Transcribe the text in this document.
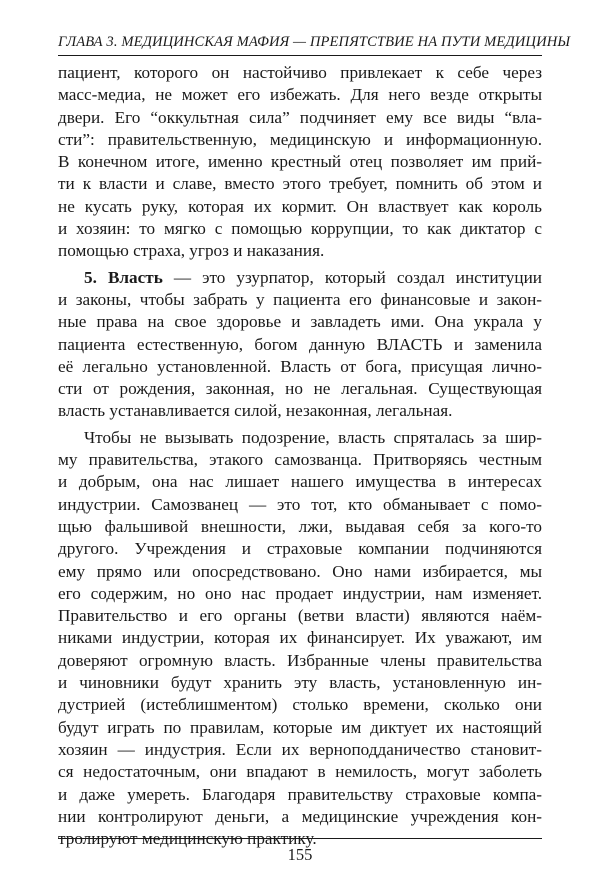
ГЛАВА 3. МЕДИЦИНСКАЯ МАФИЯ — ПРЕПЯТСТВИЕ НА ПУТИ МЕДИЦИНЫ
пациент, которого он настойчиво привлекает к себе через
масс-медиа, не может его избежать. Для него везде открыты
двери. Его “оккультная сила” подчиняет ему все виды “вла-
сти”: правительственную, медицинскую и информационную.
В конечном итоге, именно крестный отец позволяет им прий-
ти к власти и славе, вместо этого требует, помнить об этом и
не кусать руку, которая их кормит. Он властвует как король
и хозяин: то мягко с помощью коррупции, то как диктатор с
помощью страха, угроз и наказания.
5. Власть — это узурпатор, который создал институции
и законы, чтобы забрать у пациента его финансовые и закон-
ные права на свое здоровье и завладеть ими. Она украла у
пациента естественную, богом данную ВЛАСТЬ и заменила
её легально установленной. Власть от бога, присущая лично-
сти от рождения, законная, но не легальная. Существующая
власть устанавливается силой, незаконная, легальная.
Чтобы не вызывать подозрение, власть спряталась за шир-
му правительства, этакого самозванца. Притворяясь честным
и добрым, она нас лишает нашего имущества в интересах
индустрии. Самозванец — это тот, кто обманывает с помо-
щью фальшивой внешности, лжи, выдавая себя за кого-то
другого. Учреждения и страховые компании подчиняются
ему прямо или опосредствовано. Оно нами избирается, мы
его содержим, но оно нас продает индустрии, нам изменяет.
Правительство и его органы (ветви власти) являются наём-
никами индустрии, которая их финансирует. Их уважают, им
доверяют огромную власть. Избранные члены правительства
и чиновники будут хранить эту власть, установленную ин-
дустрией (истеблишментом) столько времени, сколько они
будут играть по правилам, которые им диктует их настоящий
хозяин — индустрия. Если их верноподданичество становит-
ся недостаточным, они впадают в немилость, могут заболеть
и даже умереть. Благодаря правительству страховые компа-
нии контролируют деньги, а медицинские учреждения кон-
тролируют медицинскую практику.
155
